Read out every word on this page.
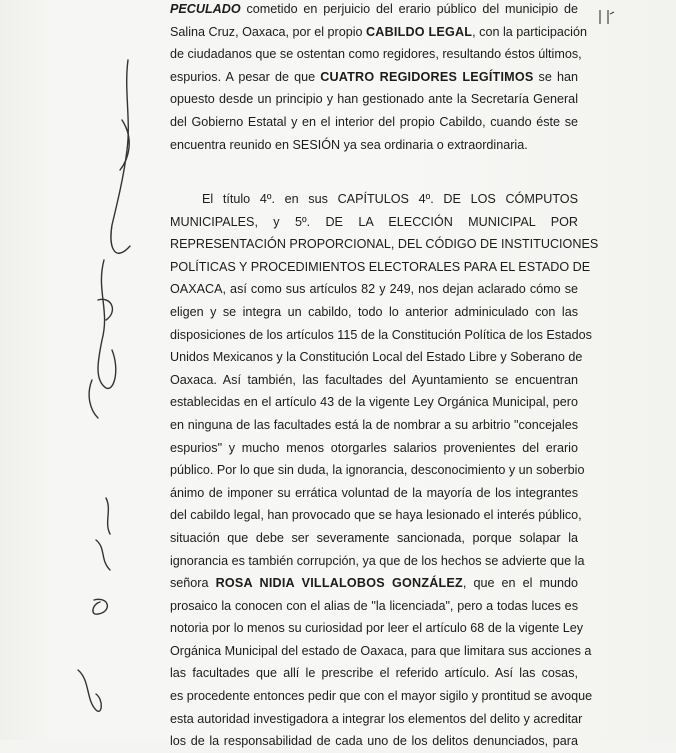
PECULADO cometido en perjuicio del erario público del municipio de
Salina Cruz, Oaxaca, por el propio CABILDO LEGAL, con la participación
de ciudadanos que se ostentan como regidores, resultando éstos últimos,
espurios. A pesar de que CUATRO REGIDORES LEGÍTIMOS se han
opuesto desde un principio y han gestionado ante la Secretaría General
del Gobierno Estatal y en el interior del propio Cabildo, cuando éste se
encuentra reunido en SESIÓN ya sea ordinaria o extraordinaria.
El título 4º. en sus CAPÍTULOS 4º. DE LOS CÓMPUTOS
MUNICIPALES, y 5º. DE LA ELECCIÓN MUNICIPAL POR
REPRESENTACIÓN PROPORCIONAL, DEL CÓDIGO DE INSTITUCIONES
POLÍTICAS Y PROCEDIMIENTOS ELECTORALES PARA EL ESTADO DE
OAXACA, así como sus artículos 82 y 249, nos dejan aclarado cómo se
eligen y se integra un cabildo, todo lo anterior adminiculado con las
disposiciones de los artículos 115 de la Constitución Política de los Estados
Unidos Mexicanos y la Constitución Local del Estado Libre y Soberano de
Oaxaca. Así también, las facultades del Ayuntamiento se encuentran
establecidas en el artículo 43 de la vigente Ley Orgánica Municipal, pero
en ninguna de las facultades está la de nombrar a su arbitrio "concejales
espurios" y mucho menos otorgarles salarios provenientes del erario
público. Por lo que sin duda, la ignorancia, desconocimiento y un soberbio
ánimo de imponer su errática voluntad de la mayoría de los integrantes
del cabildo legal, han provocado que se haya lesionado el interés público,
situación que debe ser severamente sancionada, porque solapar la
ignorancia es también corrupción, ya que de los hechos se advierte que la
señora ROSA NIDIA VILLALOBOS GONZÁLEZ, que en el mundo
prosaico la conocen con el alias de "la licenciada", pero a todas luces es
notoria por lo menos su curiosidad por leer el artículo 68 de la vigente Ley
Orgánica Municipal del estado de Oaxaca, para que limitara sus acciones a
las facultades que allí le prescribe el referido artículo. Así las cosas,
es procedente entonces pedir que con el mayor sigilo y prontitud se avoque
esta autoridad investigadora a integrar los elementos del delito y acreditar
los de la responsabilidad de cada uno de los delitos denunciados, para
